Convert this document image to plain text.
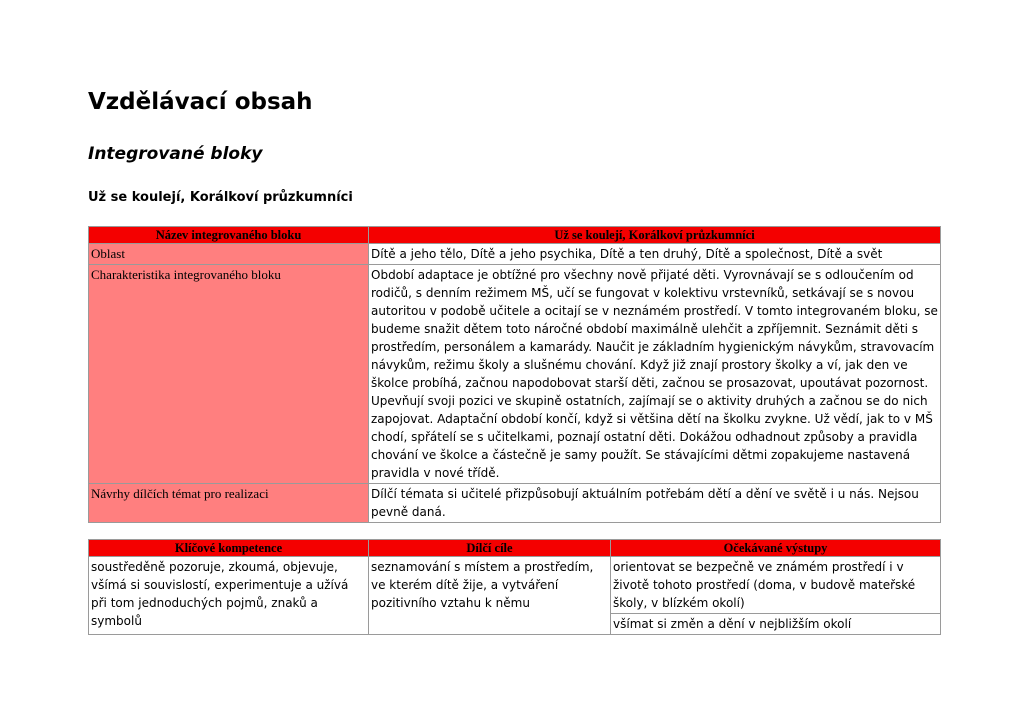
Vzdělávací obsah
Integrované bloky
Už se koulejí, Korálkoví průzkumníci
Název integrovaného bloku	Už se koulejí, Korálkoví průzkumníci
Oblast	Dítě a jeho tělo, Dítě a jeho psychika, Dítě a ten druhý, Dítě a společnost, Dítě a svět
Charakteristika integrovaného bloku	Období adaptace je obtížné pro všechny nově přijaté děti. Vyrovnávají se s odloučením od rodičů, s denním režimem MŠ, učí se fungovat v kolektivu vrstevníků, setkávají se s novou autoritou v podobě učitele a ocitají se v neznámém prostředí. V tomto integrovaném bloku, se budeme snažit dětem toto náročné období maximálně ulehčit a zpříjemnit. Seznámit děti s prostředím, personálem a kamarády. Naučit je základním hygienickým návykům, stravovacím návykům, režimu školy a slušnému chování. Když již znají prostory školky a ví, jak den ve školce probíhá, začnou napodobovat starší děti, začnou se prosazovat, upoutávat pozornost. Upevňují svoji pozici ve skupině ostatních, zajímají se o aktivity druhých a začnou se do nich zapojovat. Adaptační období končí, když si většina dětí na školku zvykne. Už vědí, jak to v MŠ chodí, spřátelí se s učitelkami, poznají ostatní děti. Dokážou odhadnout způsoby a pravidla chování ve školce a částečně je samy použít. Se stávajícími dětmi zopakujeme nastavená pravidla v nové třídě.
Návrhy dílčích témat pro realizaci	Dílčí témata si učitelé přizpůsobují aktuálním potřebám dětí a dění ve světě i u nás. Nejsou pevně daná.
Klíčové kompetence	Dílčí cíle	Očekávané výstupy
soustředěně pozoruje, zkoumá, objevuje, všímá si souvislostí, experimentuje a užívá při tom jednoduchých pojmů, znaků a symbolů	seznamování s místem a prostředím, ve kterém dítě žije, a vytváření pozitivního vztahu k němu	orientovat se bezpečně ve známém prostředí i v životě tohoto prostředí (doma, v budově mateřské školy, v blízkém okolí)
		všímat si změn a dění v nejbližším okolí
